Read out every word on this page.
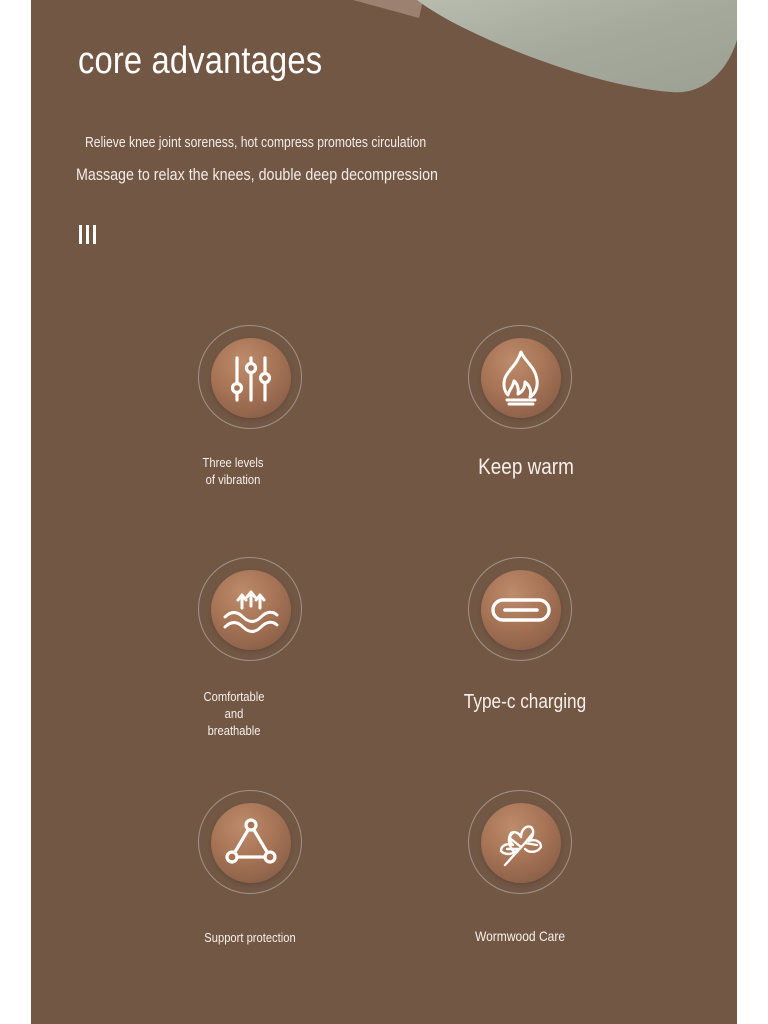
core advantages
Relieve knee joint soreness, hot compress promotes circulation
Massage to relax the knees, double deep decompression
Three levels of vibration
Keep warm
Comfortable and breathable
Type-c charging
Support protection	Wormwood Care
